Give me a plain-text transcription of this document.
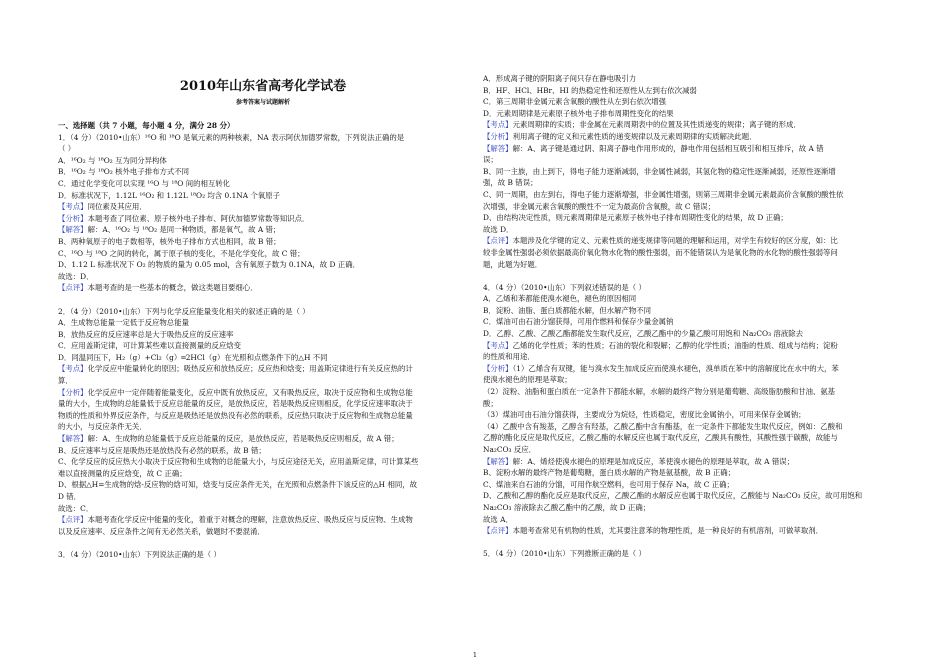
2010年山东省高考化学试卷
参考答案与试题解析
一、选择题（共 7 小题，每小题 4 分，满分 28 分）
1．（4 分）（2010•山东）¹⁶O 和 ¹⁸O 是氧元素的两种核素，NA 表示阿伏加德罗常数，下列说法正确的是
（ ）
A．¹⁶O₂ 与 ¹⁸O₂ 互为同分异构体
B．¹⁶O₂ 与 ¹⁸O₂ 核外电子排布方式不同
C．通过化学变化可以实现 ¹⁶O 与 ¹⁸O 间的相互转化
D．标准状况下，1.12L ¹⁶O₂ 和 1.12L ¹⁸O₂ 均含 0.1NA 个氧原子
【考点】同位素及其应用．
【分析】本题考查了同位素、原子核外电子排布、阿伏加德罗常数等知识点．
【解答】解：A、¹⁶O₂ 与 ¹⁸O₂ 是同一种物质，都是氧气，故 A 错；
B、两种氧原子的电子数相等，核外电子排布方式也相同，故 B 错；
C、¹⁶O 与 ¹⁸O 之间的转化，属于原子核的变化，不是化学变化，故 C 错；
D、1.12 L 标准状况下 O₂ 的物质的量为 0.05 mol，含有氧原子数为 0.1NA，故 D 正确．
故选：D．
【点评】本题考查的是一些基本的概念，做这类题目要细心．
2．（4 分）（2010•山东）下列与化学反应能量变化相关的叙述正确的是（ ）
A．生成物总能量一定低于反应物总能量
B．放热反应的反应速率总是大于吸热反应的反应速率
C．应用盖斯定律，可计算某些难以直接测量的反应焓变
D．同温同压下，H₂（g）+Cl₂（g）═2HCl（g）在光照和点燃条件下的△H 不同
【考点】化学反应中能量转化的原因；吸热反应和放热反应；反应热和焓变；用盖斯定律进行有关反应热的计
算．
【分析】化学反应中一定伴随着能量变化，反应中既有放热反应，又有吸热反应，取决于反应物和生成物总能
量的大小，生成物的总能量低于反应总能量的反应，是放热反应，若是吸热反应则相反，化学反应速率取决于
物质的性质和外界反应条件，与反应是吸热还是放热没有必然的联系，反应热只取决于反应物和生成物总能量
的大小，与反应条件无关．
【解答】解：A、生成物的总能量低于反应总能量的反应，是放热反应，若是吸热反应则相反，故 A 错；
B、反应速率与反应是吸热还是放热没有必然的联系，故 B 错；
C、化学反应的反应热大小取决于反应物和生成物的总能量大小，与反应途径无关，应用盖斯定律，可计算某些
难以直接测量的反应焓变，故 C 正确；
D、根据△H=生成物的焓-反应物的焓可知，焓变与反应条件无关，在光照和点燃条件下该反应的△H 相同，故
D 错．
故选：C．
【点评】本题考查化学反应中能量的变化，着重于对概念的理解，注意放热反应、吸热反应与反应物、生成物
以及反应速率、反应条件之间有无必然关系，做题时不要混淆．
3．（4 分）（2010•山东）下列说法正确的是（ ）
A．形成离子键的阴阳离子间只存在静电吸引力
B．HF、HCl、HBr、HI 的热稳定性和还原性从左到右依次减弱
C．第三周期非金属元素含氧酸的酸性从左到右依次增强
D．元素周期律是元素原子核外电子排布周期性变化的结果
【考点】元素周期律的实质；非金属在元素周期表中的位置及其性质递变的规律；离子键的形成．
【分析】利用离子键的定义和元素性质的递变规律以及元素周期律的实质解决此题．
【解答】解：A、离子键是通过阴、阳离子静电作用形成的，静电作用包括相互吸引和相互排斥，故 A 错
误；
B、同一主族，由上到下，得电子能力逐渐减弱，非金属性减弱，其氢化物的稳定性逐渐减弱，还原性逐渐增
强，故 B 错误；
C、同一周期，由左到右，得电子能力逐渐增强，非金属性增强，则第三周期非金属元素最高价含氧酸的酸性依
次增强，非金属元素含氧酸的酸性不一定为最高价含氧酸，故 C 错误；
D、由结构决定性质，则元素周期律是元素原子核外电子排布周期性变化的结果，故 D 正确；
故选 D．
【点评】本题涉及化学键的定义、元素性质的递变规律等问题的理解和运用，对学生有较好的区分度，如：比
较非金属性强弱必须依据最高价氧化物水化物的酸性强弱，而不能错误认为是氧化物的水化物的酸性强弱等问
题，此题为好题．
4．（4 分）（2010•山东）下列叙述错误的是（ ）
A．乙烯和苯都能使溴水褪色，褪色的原因相同
B．淀粉、油脂、蛋白质都能水解，但水解产物不同
C．煤油可由石油分馏获得，可用作燃料和保存少量金属钠
D．乙醇、乙酸、乙酸乙酯都能发生取代反应，乙酸乙酯中的少量乙酸可用饱和 Na₂CO₃ 溶液除去
【考点】乙烯的化学性质；苯的性质；石油的裂化和裂解；乙醇的化学性质；油脂的性质、组成与结构；淀粉
的性质和用途．
【分析】（1）乙烯含有双键，能与溴水发生加成反应而使溴水褪色，溴单质在苯中的溶解度比在水中的大，苯
使溴水褪色的原理是萃取；
（2）淀粉、油脂和蛋白质在一定条件下都能水解，水解的最终产物分别是葡萄糖、高级脂肪酸和甘油、氨基
酸；
（3）煤油可由石油分馏获得，主要成分为烷烃，性质稳定，密度比金属钠小，可用来保存金属钠；
（4）乙酸中含有羧基，乙醇含有羟基，乙酸乙酯中含有酯基，在一定条件下都能发生取代反应，例如：乙酸和
乙醇的酯化反应是取代反应，乙酸乙酯的水解反应也属于取代反应，乙酸具有酸性，其酸性强于碳酸，故能与
Na₂CO₃ 反应．
【解答】解：A、烯烃使溴水褪色的原理是加成反应，苯使溴水褪色的原理是萃取，故 A 错误；
B、淀粉水解的最终产物是葡萄糖，蛋白质水解的产物是氨基酸，故 B 正确；
C、煤油来自石油的分馏，可用作航空燃料，也可用于保存 Na，故 C 正确；
D、乙酸和乙醇的酯化反应是取代反应，乙酸乙酯的水解反应也属于取代反应，乙酸能与 Na₂CO₃ 反应，故可用饱和
Na₂CO₃ 溶液除去乙酸乙酯中的乙酸，故 D 正确；
故选 A．
【点评】本题考查常见有机物的性质，尤其要注意苯的物理性质，是一种良好的有机溶剂，可做萃取剂．
5．（4 分）（2010•山东）下列推断正确的是（ ）
1
